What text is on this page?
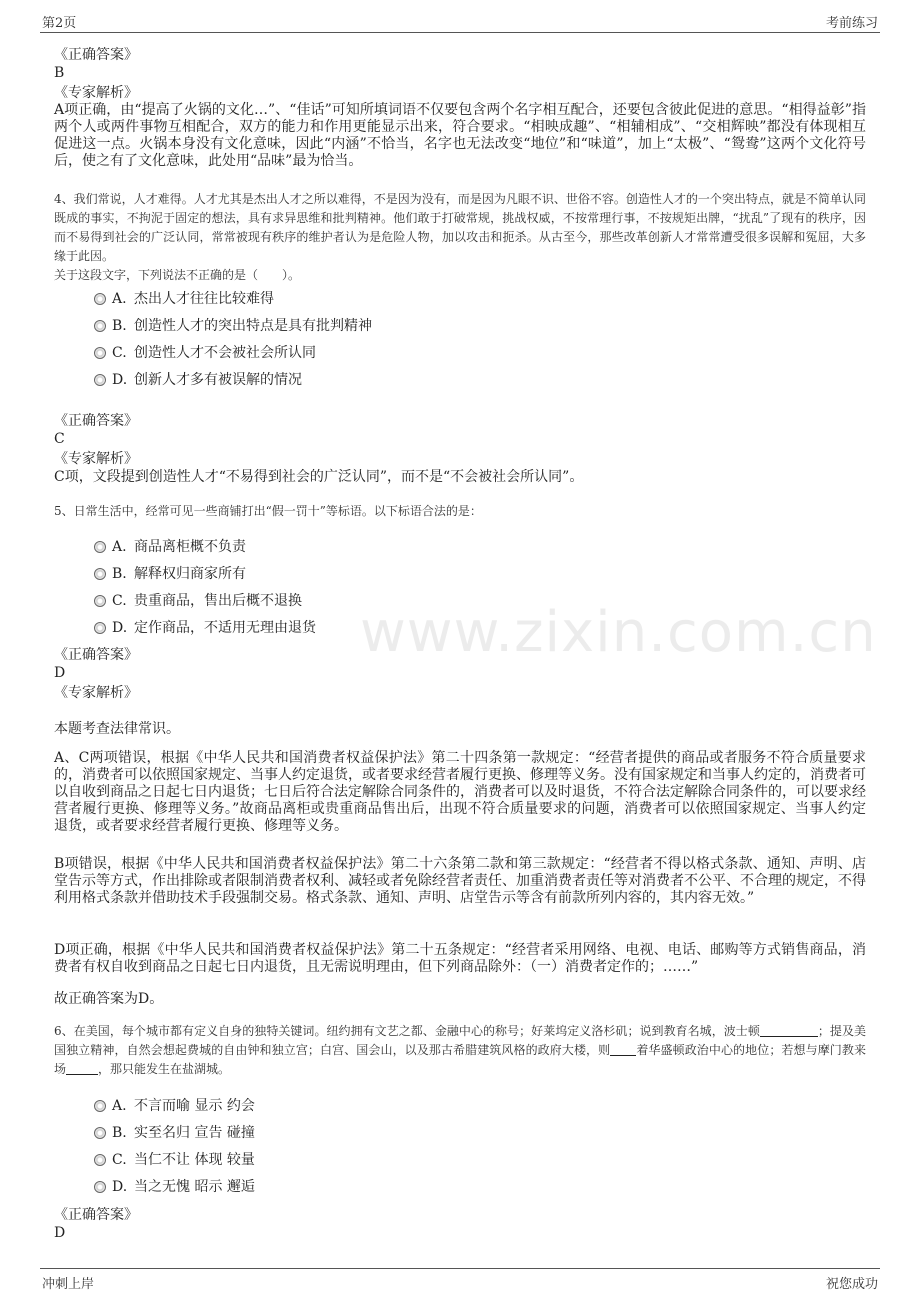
第2页	考前练习
《正确答案》
B
《专家解析》
A项正确，由“提高了火锅的文化…”、“佳话”可知所填词语不仅要包含两个名字相互配合，还要包含彼此促进的意思。“相得益彰”指两个人或两件事物互相配合，双方的能力和作用更能显示出来，符合要求。“相映成趣”、“相辅相成”、“交相辉映”都没有体现相互促进这一点。火锅本身没有文化意味，因此“内涵”不恰当，名字也无法改变“地位”和“味道”，加上“太极”、“鸳鸯”这两个文化符号后，使之有了文化意味，此处用“品味”最为恰当。
4、我们常说，人才难得。人才尤其是杰出人才之所以难得，不是因为没有，而是因为凡眼不识、世俗不容。创造性人才的一个突出特点，就是不简单认同既成的事实，不拘泥于固定的想法，具有求异思维和批判精神。他们敢于打破常规，挑战权威，不按常理行事，不按规矩出牌，“扰乱”了现有的秩序，因而不易得到社会的广泛认同，常常被现有秩序的维护者认为是危险人物，加以攻击和扼杀。从古至今，那些改革创新人才常常遭受很多误解和冤屈，大多缘于此因。
关于这段文字，下列说法不正确的是（　　）。
A. 杰出人才往往比较难得
B. 创造性人才的突出特点是具有批判精神
C. 创造性人才不会被社会所认同
D. 创新人才多有被误解的情况
《正确答案》
C
《专家解析》
C项，文段提到创造性人才“不易得到社会的广泛认同”，而不是“不会被社会所认同”。
5、日常生活中，经常可见一些商铺打出“假一罚十”等标语。以下标语合法的是：
A. 商品离柜概不负责
B. 解释权归商家所有
C. 贵重商品，售出后概不退换
D. 定作商品，不适用无理由退货
《正确答案》
D
《专家解析》
本题考查法律常识。
A、C两项错误，根据《中华人民共和国消费者权益保护法》第二十四条第一款规定：“经营者提供的商品或者服务不符合质量要求的，消费者可以依照国家规定、当事人约定退货，或者要求经营者履行更换、修理等义务。没有国家规定和当事人约定的，消费者可以自收到商品之日起七日内退货；七日后符合法定解除合同条件的，消费者可以及时退货，不符合法定解除合同条件的，可以要求经营者履行更换、修理等义务。”故商品离柜或贵重商品售出后，出现不符合质量要求的问题，消费者可以依照国家规定、当事人约定退货，或者要求经营者履行更换、修理等义务。
B项错误，根据《中华人民共和国消费者权益保护法》第二十六条第二款和第三款规定：“经营者不得以格式条款、通知、声明、店堂告示等方式，作出排除或者限制消费者权利、减轻或者免除经营者责任、加重消费者责任等对消费者不公平、不合理的规定，不得利用格式条款并借助技术手段强制交易。格式条款、通知、声明、店堂告示等含有前款所列内容的，其内容无效。”
D项正确，根据《中华人民共和国消费者权益保护法》第二十五条规定：“经营者采用网络、电视、电话、邮购等方式销售商品，消费者有权自收到商品之日起七日内退货，且无需说明理由，但下列商品除外：（一）消费者定作的；……”
故正确答案为D。
6、在美国，每个城市都有定义自身的独特关键词。纽约拥有文艺之都、金融中心的称号；好莱坞定义洛杉矶；说到教育名城，波士顿	；提及美国独立精神，自然会想起费城的自由钟和独立宫；白宫、国会山，以及那古希腊建筑风格的政府大楼，则 着华盛顿政治中心的地位；若想与摩门教来场	，那只能发生在盐湖城。
A. 不言而喻 显示 约会
B. 实至名归 宣告 碰撞
C. 当仁不让 体现 较量
D. 当之无愧 昭示 邂逅
《正确答案》
D
www.zixin.com.cn
冲刺上岸	祝您成功
